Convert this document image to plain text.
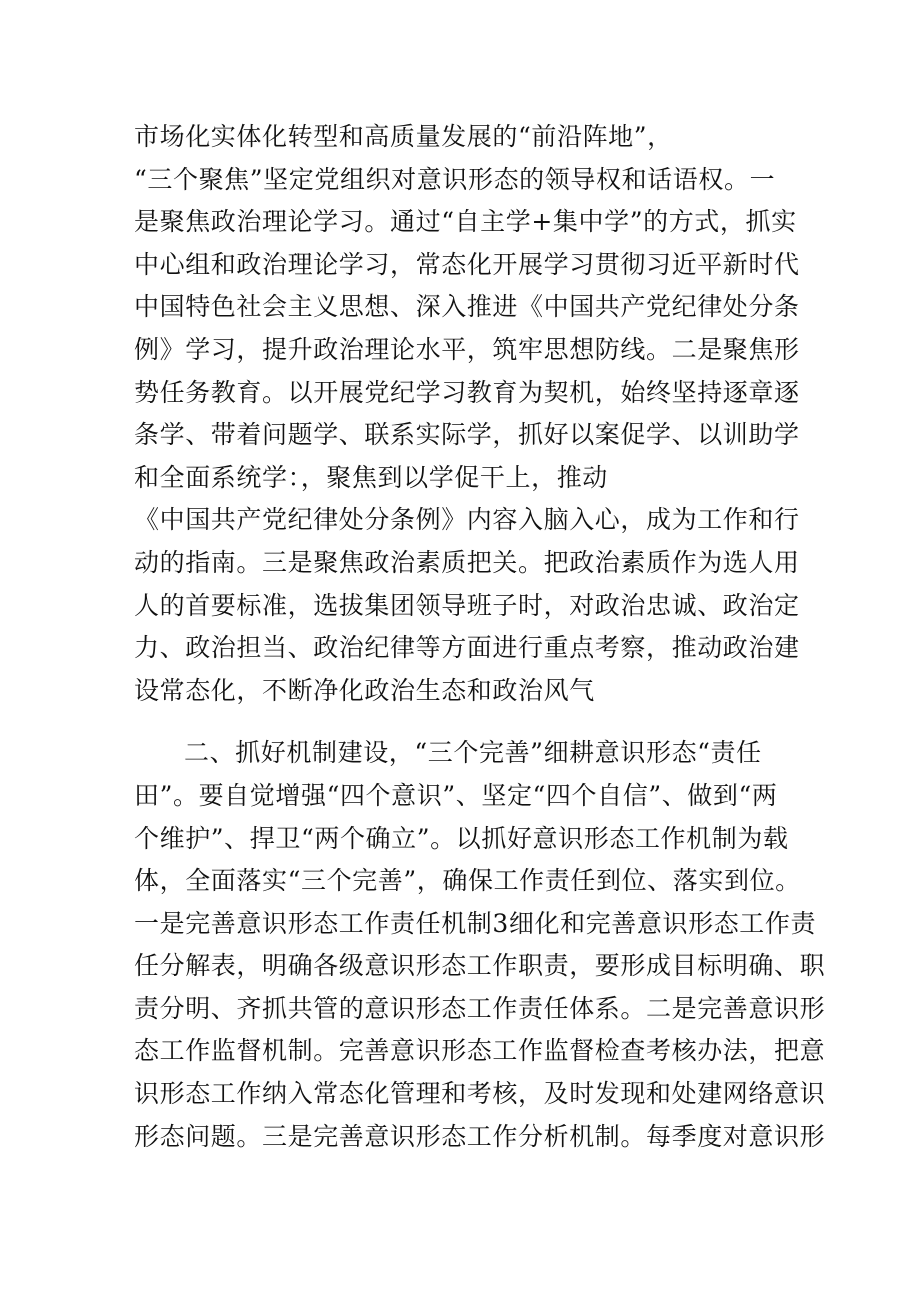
市场化实体化转型和高质量发展的“前沿阵地”，
“三个聚焦”坚定党组织对意识形态的领导权和话语权。一
是聚焦政治理论学习。通过“自主学+集中学”的方式，抓实
中心组和政治理论学习，常态化开展学习贯彻习近平新时代
中国特色社会主义思想、深入推进《中国共产党纪律处分条
例》学习，提升政治理论水平，筑牢思想防线。二是聚焦形
势任务教育。以开展党纪学习教育为契机，始终坚持逐章逐
条学、带着问题学、联系实际学，抓好以案促学、以训助学
和全面系统学：，聚焦到以学促干上，推动
《中国共产党纪律处分条例》内容入脑入心，成为工作和行
动的指南。三是聚焦政治素质把关。把政治素质作为选人用
人的首要标准，选拔集团领导班子时，对政治忠诚、政治定
力、政治担当、政治纪律等方面进行重点考察，推动政治建
设常态化，不断净化政治生态和政治风气
二、抓好机制建设，“三个完善”细耕意识形态“责任
田”。要自觉增强“四个意识”、坚定“四个自信”、做到“两
个维护”、捍卫“两个确立”。以抓好意识形态工作机制为载
体，全面落实“三个完善”，确保工作责任到位、落实到位。
一是完善意识形态工作责任机制3细化和完善意识形态工作责
任分解表，明确各级意识形态工作职责，要形成目标明确、职
责分明、齐抓共管的意识形态工作责任体系。二是完善意识形
态工作监督机制。完善意识形态工作监督检查考核办法，把意
识形态工作纳入常态化管理和考核，及时发现和处建网络意识
形态问题。三是完善意识形态工作分析机制。每季度对意识形
